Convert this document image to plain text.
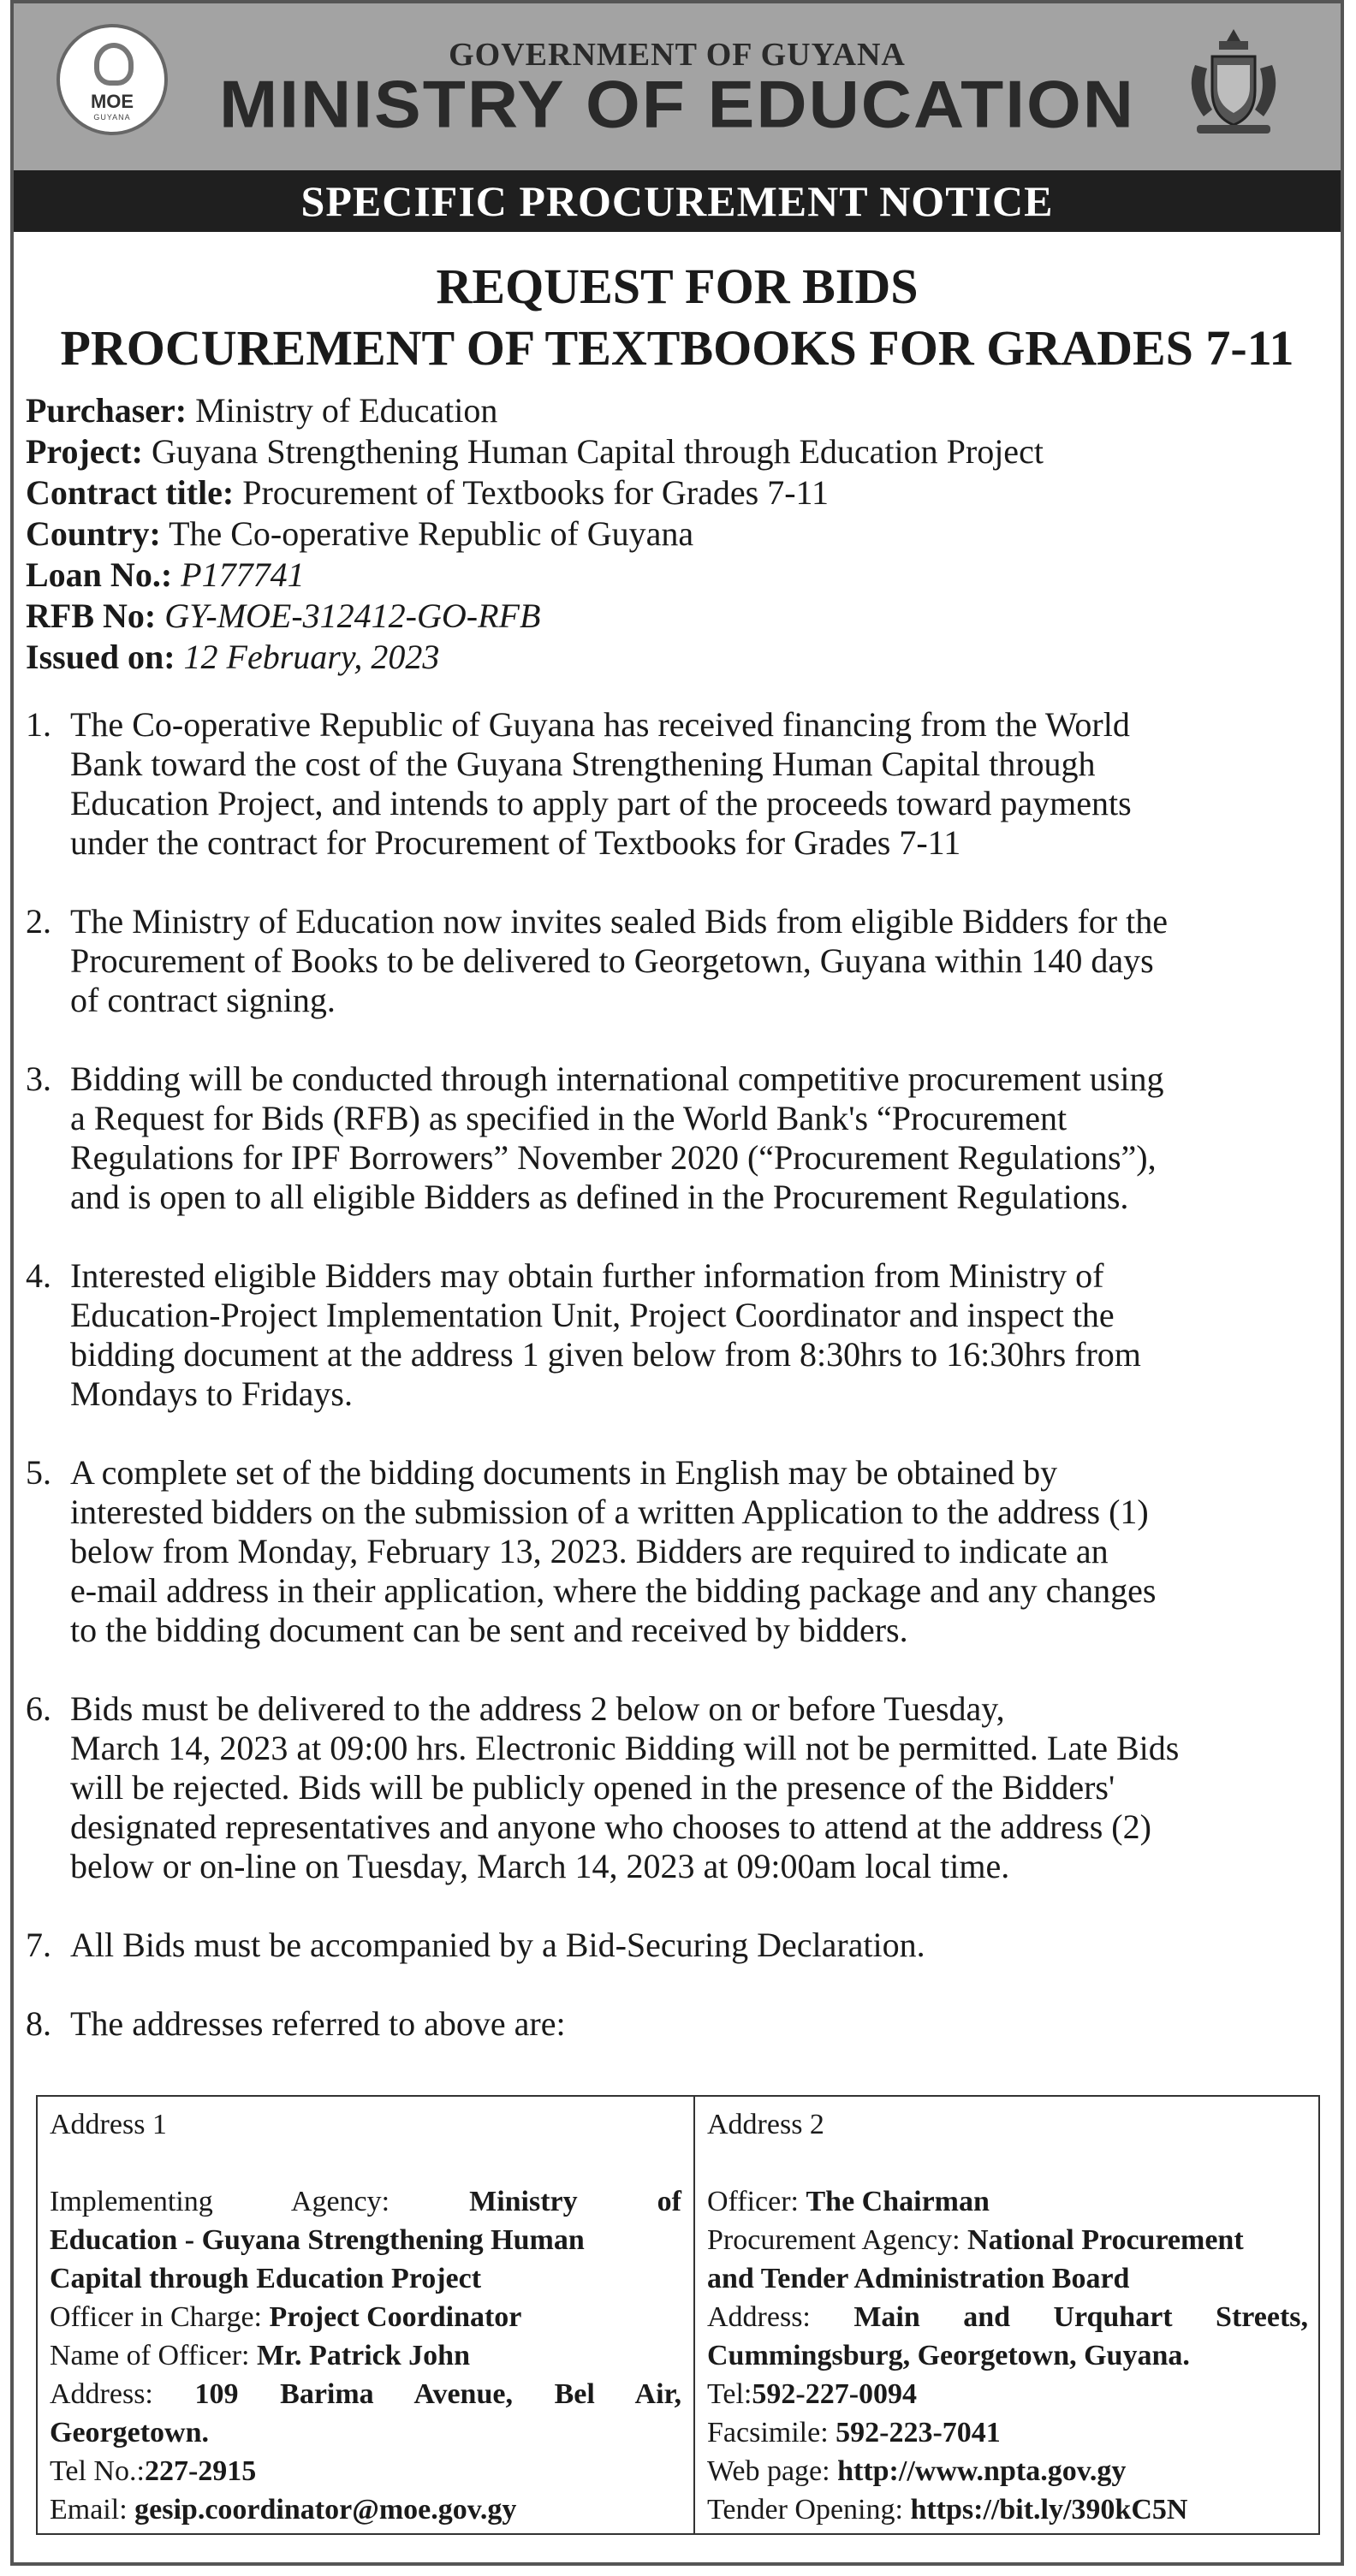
MOE
GUYANA
GOVERNMENT OF GUYANA
MINISTRY OF EDUCATION
SPECIFIC PROCUREMENT NOTICE
REQUEST FOR BIDS
PROCUREMENT OF TEXTBOOKS FOR GRADES 7-11
Purchaser: Ministry of Education
Project: Guyana Strengthening Human Capital through Education Project
Contract title: Procurement of Textbooks for Grades 7-11
Country: The Co-operative Republic of Guyana
Loan No.: P177741
RFB No: GY-MOE-312412-GO-RFB
Issued on: 12 February, 2023
1. The Co-operative Republic of Guyana has received financing from the World
Bank toward the cost of the Guyana Strengthening Human Capital through
Education Project, and intends to apply part of the proceeds toward payments
under the contract for Procurement of Textbooks for Grades 7-11
2. The Ministry of Education now invites sealed Bids from eligible Bidders for the
Procurement of Books to be delivered to Georgetown, Guyana within 140 days
of contract signing.
3. Bidding will be conducted through international competitive procurement using
a Request for Bids (RFB) as specified in the World Bank's “Procurement
Regulations for IPF Borrowers” November 2020 (“Procurement Regulations”),
and is open to all eligible Bidders as defined in the Procurement Regulations.
4. Interested eligible Bidders may obtain further information from Ministry of
Education-Project Implementation Unit, Project Coordinator and inspect the
bidding document at the address 1 given below from 8:30hrs to 16:30hrs from
Mondays to Fridays.
5. A complete set of the bidding documents in English may be obtained by
interested bidders on the submission of a written Application to the address (1)
below from Monday, February 13, 2023. Bidders are required to indicate an
e-mail address in their application, where the bidding package and any changes
to the bidding document can be sent and received by bidders.
6. Bids must be delivered to the address 2 below on or before Tuesday,
March 14, 2023 at 09:00 hrs. Electronic Bidding will not be permitted. Late Bids
will be rejected. Bids will be publicly opened in the presence of the Bidders'
designated representatives and anyone who chooses to attend at the address (2)
below or on-line on Tuesday, March 14, 2023 at 09:00am local time.
7. All Bids must be accompanied by a Bid-Securing Declaration.
8. The addresses referred to above are:
Address 1
Implementing Agency:	Ministry of
Education - Guyana Strengthening Human
Capital through Education Project
Officer in Charge: Project Coordinator
Name of Officer: Mr. Patrick John
Address: 109 Barima Avenue, Bel Air,
Georgetown.
Tel No.:227-2915
Email: gesip.coordinator@moe.gov.gy
Address 2
Officer: The Chairman
Procurement Agency: National Procurement
and Tender Administration Board
Address: Main and Urquhart Streets,
Cummingsburg, Georgetown, Guyana.
Tel:592-227-0094
Facsimile: 592-223-7041
Web page: http://www.npta.gov.gy
Tender Opening: https://bit.ly/390kC5N
